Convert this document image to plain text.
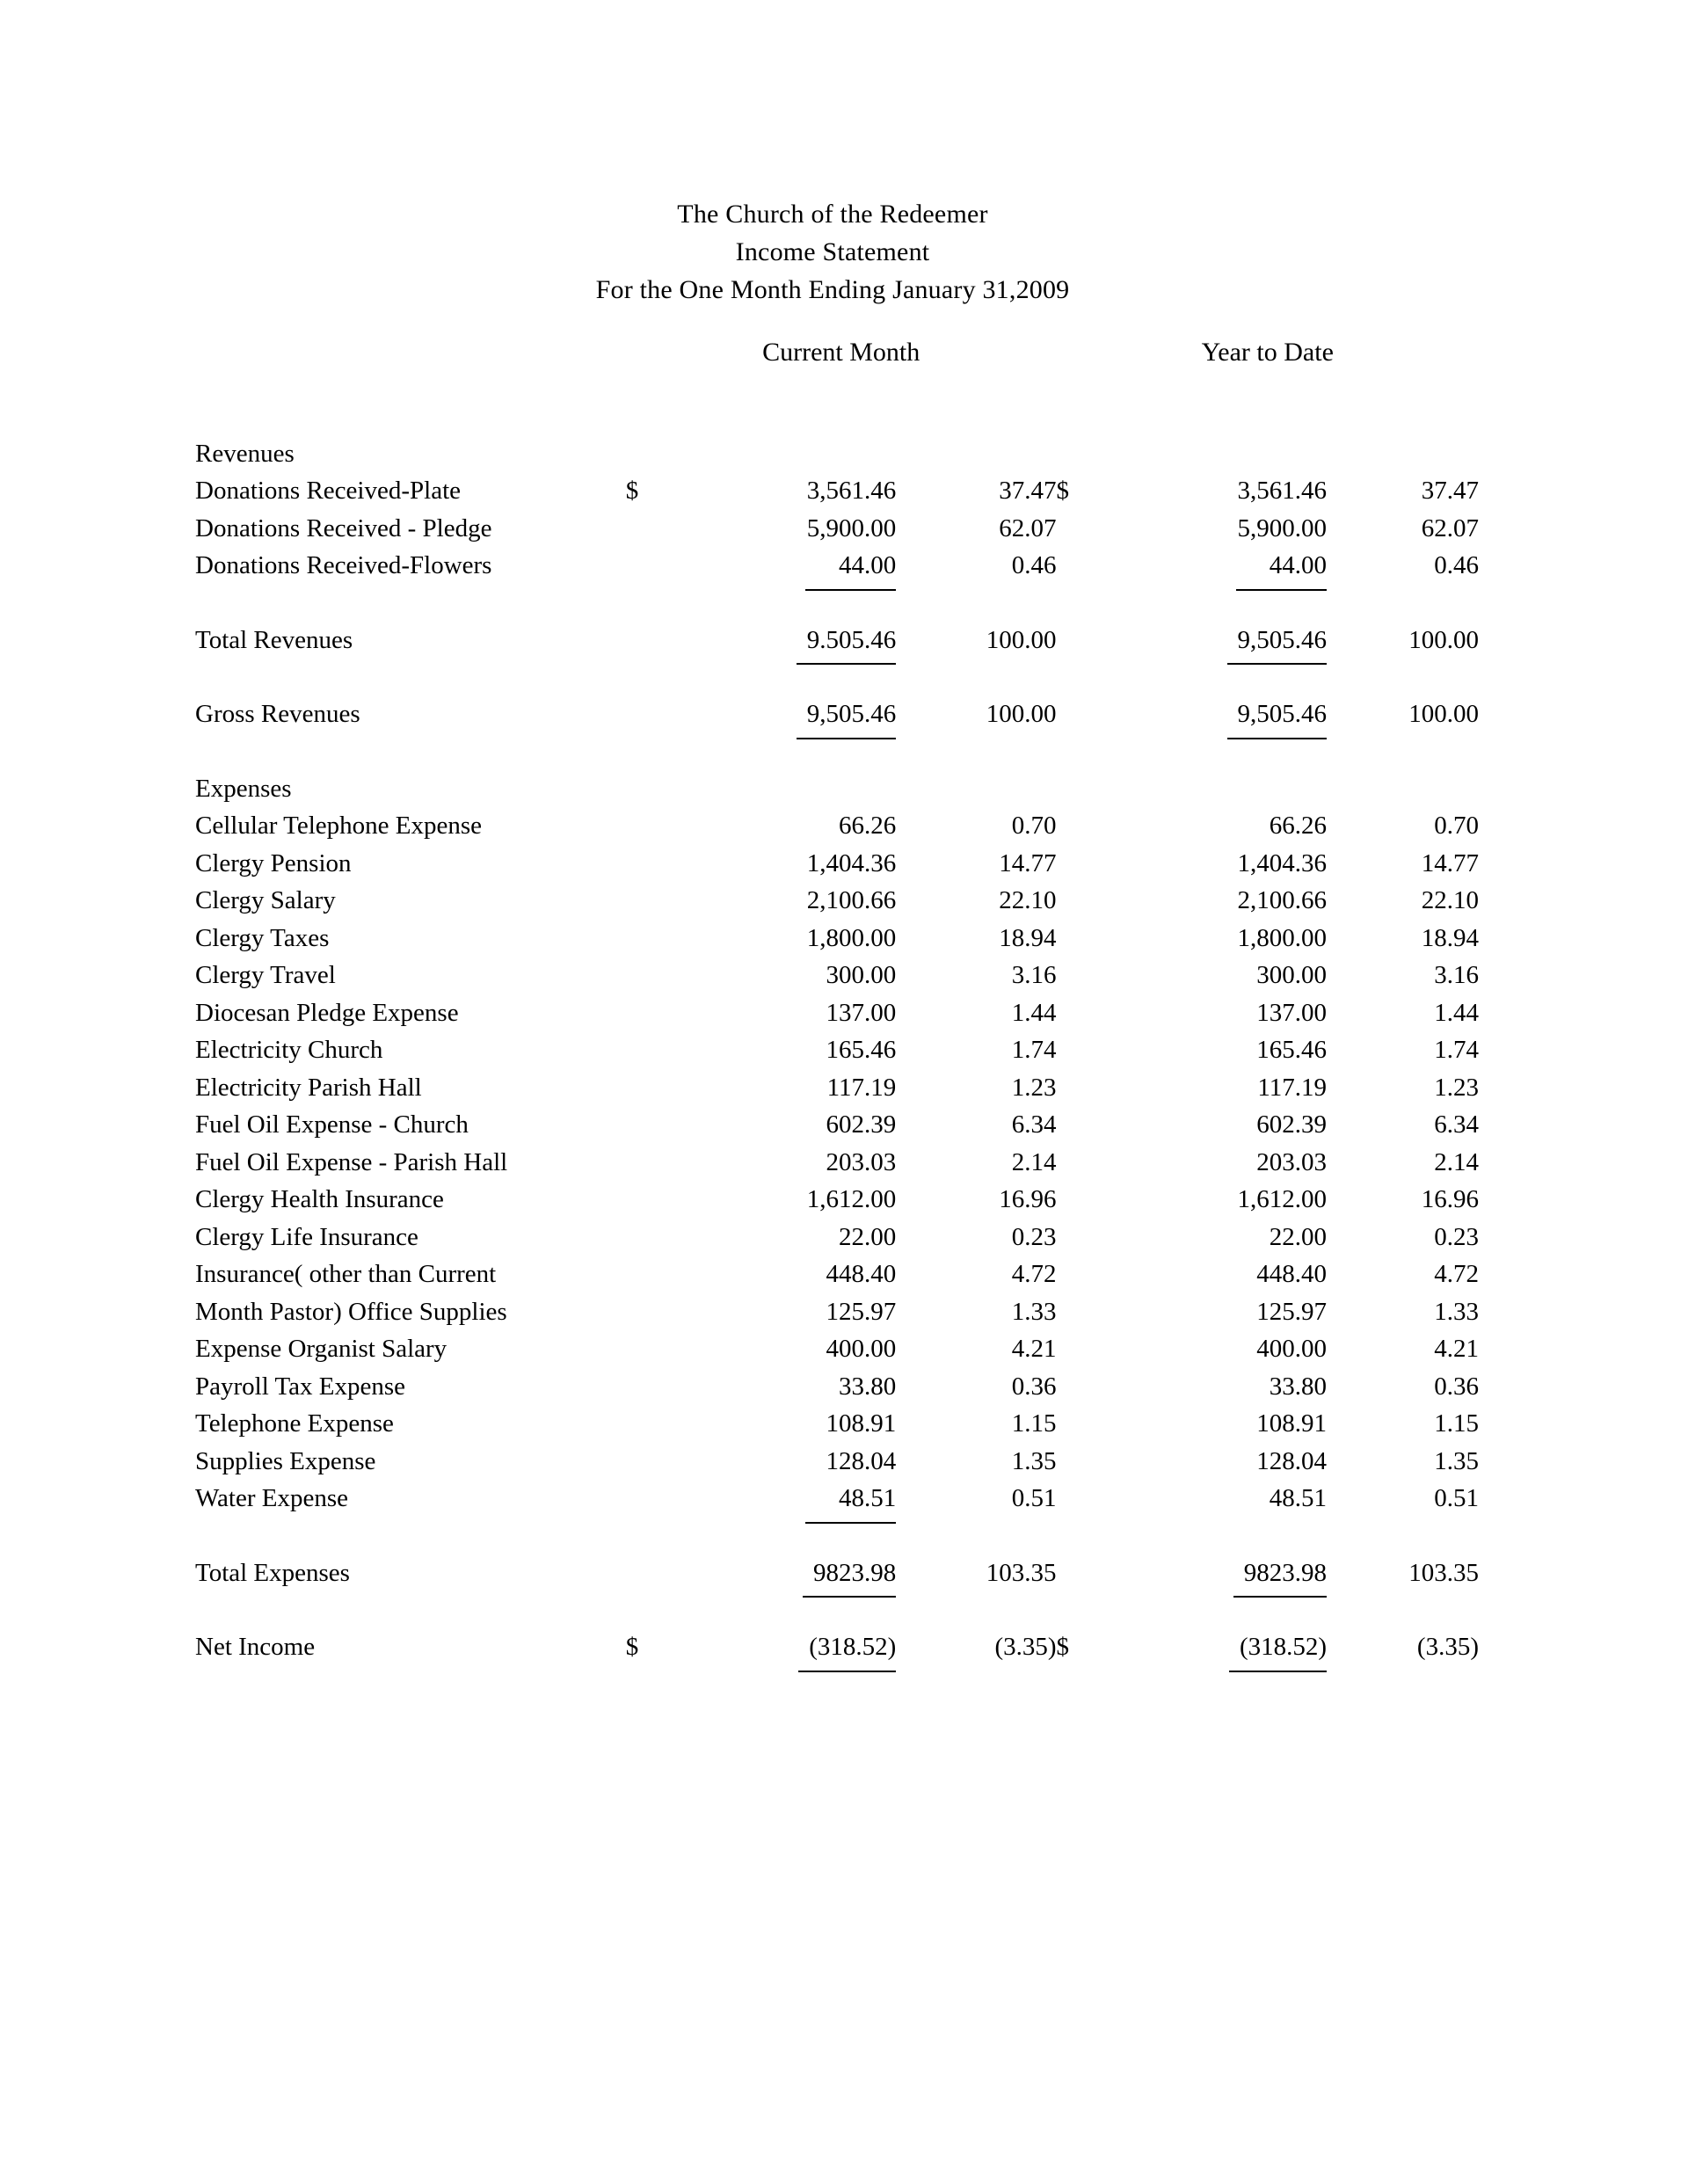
The Church of the Redeemer
Income Statement
For the One Month Ending January 31,2009
	Current Month			Year to Date		

Revenues						
Donations Received-Plate	$	3,561.46	37.47	$	3,561.46	37.47
Donations Received - Pledge		5,900.00	62.07		5,900.00	62.07
Donations Received-Flowers		44.00	0.46		44.00	0.46

Total Revenues		9.505.46	100.00		9,505.46	100.00

Gross Revenues		9,505.46	100.00		9,505.46	100.00

Expenses						
Cellular Telephone Expense		66.26	0.70		66.26	0.70
Clergy Pension		1,404.36	14.77		1,404.36	14.77
Clergy Salary		2,100.66	22.10		2,100.66	22.10
Clergy Taxes		1,800.00	18.94		1,800.00	18.94
Clergy Travel		300.00	3.16		300.00	3.16
Diocesan Pledge Expense		137.00	1.44		137.00	1.44
Electricity Church		165.46	1.74		165.46	1.74
Electricity Parish Hall		117.19	1.23		117.19	1.23
Fuel Oil Expense - Church		602.39	6.34		602.39	6.34
Fuel Oil Expense - Parish Hall		203.03	2.14		203.03	2.14
Clergy Health Insurance		1,612.00	16.96		1,612.00	16.96
Clergy Life Insurance		22.00	0.23		22.00	0.23
Insurance( other than Current		448.40	4.72		448.40	4.72
Month Pastor) Office Supplies		125.97	1.33		125.97	1.33
Expense Organist Salary		400.00	4.21		400.00	4.21
Payroll Tax Expense		33.80	0.36		33.80	0.36
Telephone Expense		108.91	1.15		108.91	1.15
Supplies Expense		128.04	1.35		128.04	1.35
Water Expense		48.51	0.51		48.51	0.51

Total Expenses		9823.98	103.35		9823.98	103.35

Net Income	$	(318.52)	(3.35)	$	(318.52)	(3.35)
